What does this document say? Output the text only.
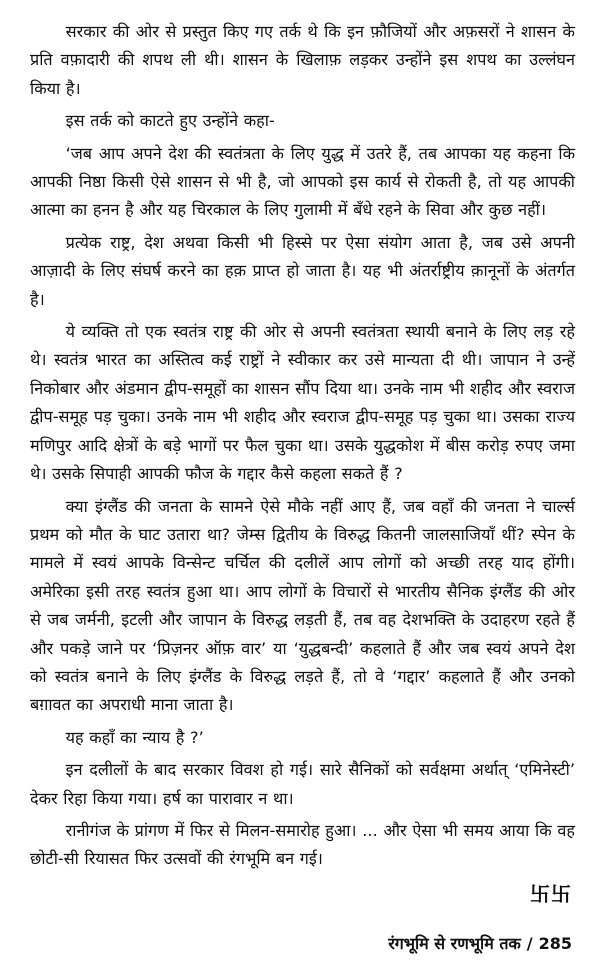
सरकार की ओर से प्रस्तुत किए गए तर्क थे कि इन फ़ौजियों और अफ़सरों ने शासन के प्रति वफ़ादारी की शपथ ली थी। शासन के खिलाफ़ लड़कर उन्होंने इस शपथ का उल्लंघन किया है।

इस तर्क को काटते हुए उन्होंने कहा-

‘जब आप अपने देश की स्वतंत्रता के लिए युद्ध में उतरे हैं, तब आपका यह कहना कि आपकी निष्ठा किसी ऐसे शासन से भी है, जो आपको इस कार्य से रोकती है, तो यह आपकी आत्मा का हनन है और यह चिरकाल के लिए गुलामी में बँधे रहने के सिवा और कुछ नहीं।

प्रत्येक राष्ट्र, देश अथवा किसी भी हिस्से पर ऐसा संयोग आता है, जब उसे अपनी आज़ादी के लिए संघर्ष करने का हक़ प्राप्त हो जाता है। यह भी अंतर्राष्ट्रीय क़ानूनों के अंतर्गत है।

ये व्यक्ति तो एक स्वतंत्र राष्ट्र की ओर से अपनी स्वतंत्रता स्थायी बनाने के लिए लड़ रहे थे। स्वतंत्र भारत का अस्तित्व कई राष्ट्रों ने स्वीकार कर उसे मान्यता दी थी। जापान ने उन्हें निकोबार और अंडमान द्वीप-समूहों का शासन सौंप दिया था। उनके नाम भी शहीद और स्वराज द्वीप-समूह पड़ चुका। उनके नाम भी शहीद और स्वराज द्वीप-समूह पड़ चुका था। उसका राज्य मणिपुर आदि क्षेत्रों के बड़े भागों पर फैल चुका था। उसके युद्धकोश में बीस करोड़ रुपए जमा थे। उसके सिपाही आपकी फौज के गद्दार कैसे कहला सकते हैं ?

क्या इंग्लैंड की जनता के सामने ऐसे मौके नहीं आए हैं, जब वहाँ की जनता ने चार्ल्स प्रथम को मौत के घाट उतारा था? जेम्स द्वितीय के विरुद्ध कितनी जालसाजियाँ थीं? स्पेन के मामले में स्वयं आपके विन्सेन्ट चर्चिल की दलीलें आप लोगों को अच्छी तरह याद होंगी। अमेरिका इसी तरह स्वतंत्र हुआ था। आप लोगों के विचारों से भारतीय सैनिक इंग्लैंड की ओर से जब जर्मनी, इटली और जापान के विरुद्ध लड़ती हैं, तब वह देशभक्ति के उदाहरण रहते हैं और पकड़े जाने पर ‘प्रिज़नर ऑफ़ वार’ या ‘युद्धबन्दी’ कहलाते हैं और जब स्वयं अपने देश को स्वतंत्र बनाने के लिए इंग्लैंड के विरुद्ध लड़ते हैं, तो वे ‘गद्दार’ कहलाते हैं और उनको बग़ावत का अपराधी माना जाता है।

यह कहाँ का न्याय है ?’

इन दलीलों के बाद सरकार विवश हो गई। सारे सैनिकों को सर्वक्षमा अर्थात् ‘एमिनेस्टी’ देकर रिहा किया गया। हर्ष का पारावार न था।

रानीगंज के प्रांगण में फिर से मिलन-समारोह हुआ। ... और ऐसा भी समय आया कि वह छोटी-सी रियासत फिर उत्सवों की रंगभूमि बन गई।

卐卐
रंगभूमि से रणभूमि तक / 285
